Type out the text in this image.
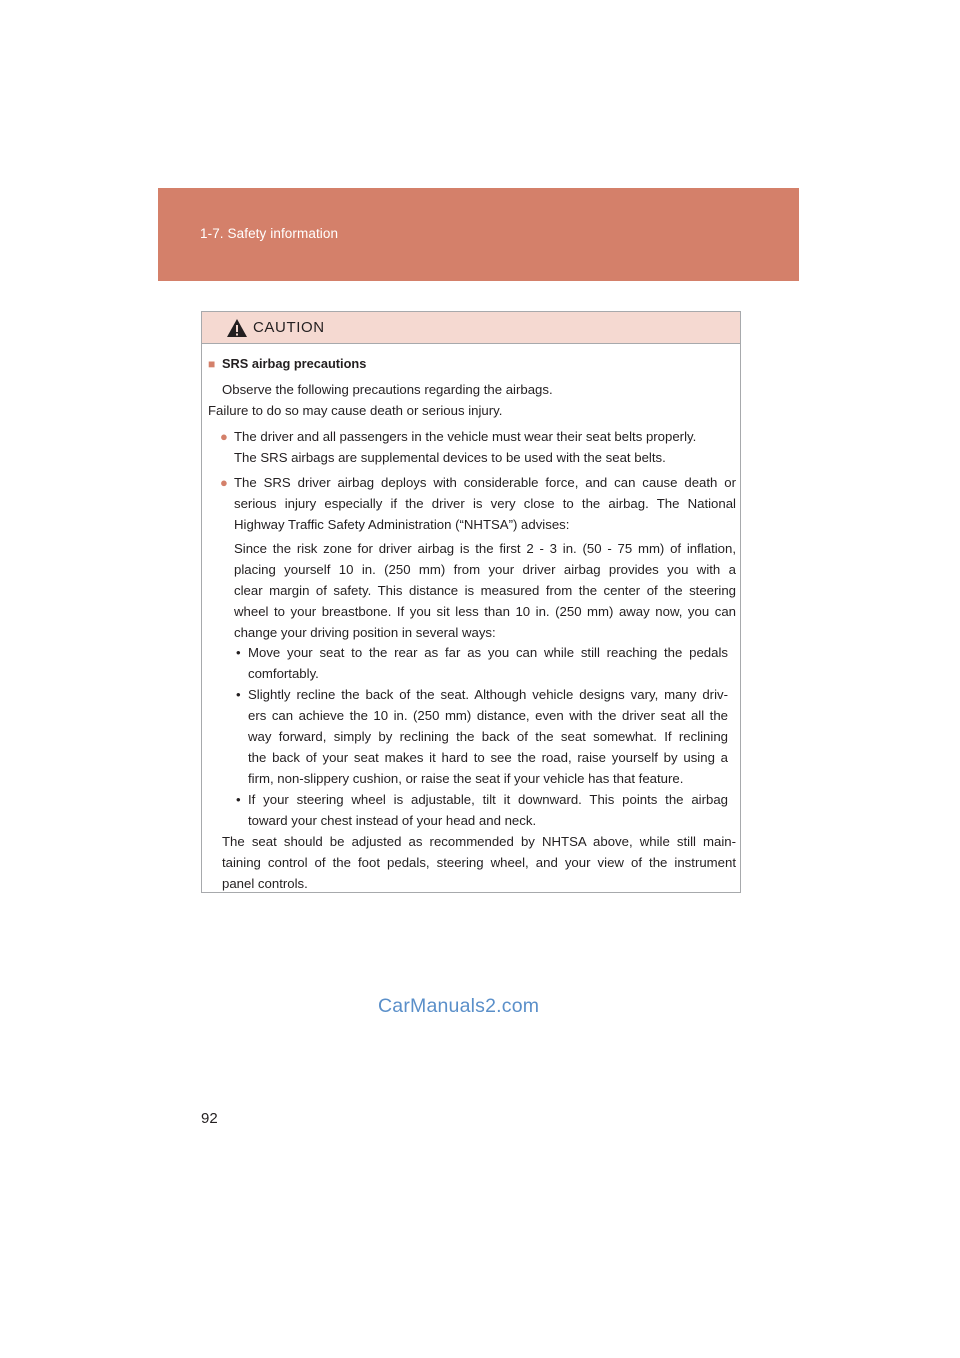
1-7. Safety information
CAUTION
■ SRS airbag precautions
Observe the following precautions regarding the airbags.
Failure to do so may cause death or serious injury.
● The driver and all passengers in the vehicle must wear their seat belts properly.
The SRS airbags are supplemental devices to be used with the seat belts.
● The SRS driver airbag deploys with considerable force, and can cause death or
serious injury especially if the driver is very close to the airbag. The National
Highway Traffic Safety Administration (“NHTSA”) advises:
Since the risk zone for driver airbag is the first 2 - 3 in. (50 - 75 mm) of inflation,
placing yourself 10 in. (250 mm) from your driver airbag provides you with a
clear margin of safety. This distance is measured from the center of the steering
wheel to your breastbone. If you sit less than 10 in. (250 mm) away now, you can
change your driving position in several ways:
• Move your seat to the rear as far as you can while still reaching the pedals
comfortably.
• Slightly recline the back of the seat. Although vehicle designs vary, many driv-
ers can achieve the 10 in. (250 mm) distance, even with the driver seat all the
way forward, simply by reclining the back of the seat somewhat. If reclining
the back of your seat makes it hard to see the road, raise yourself by using a
firm, non-slippery cushion, or raise the seat if your vehicle has that feature.
• If your steering wheel is adjustable, tilt it downward. This points the airbag
toward your chest instead of your head and neck.
The seat should be adjusted as recommended by NHTSA above, while still main-
taining control of the foot pedals, steering wheel, and your view of the instrument
panel controls.
CarManuals2.com
92
